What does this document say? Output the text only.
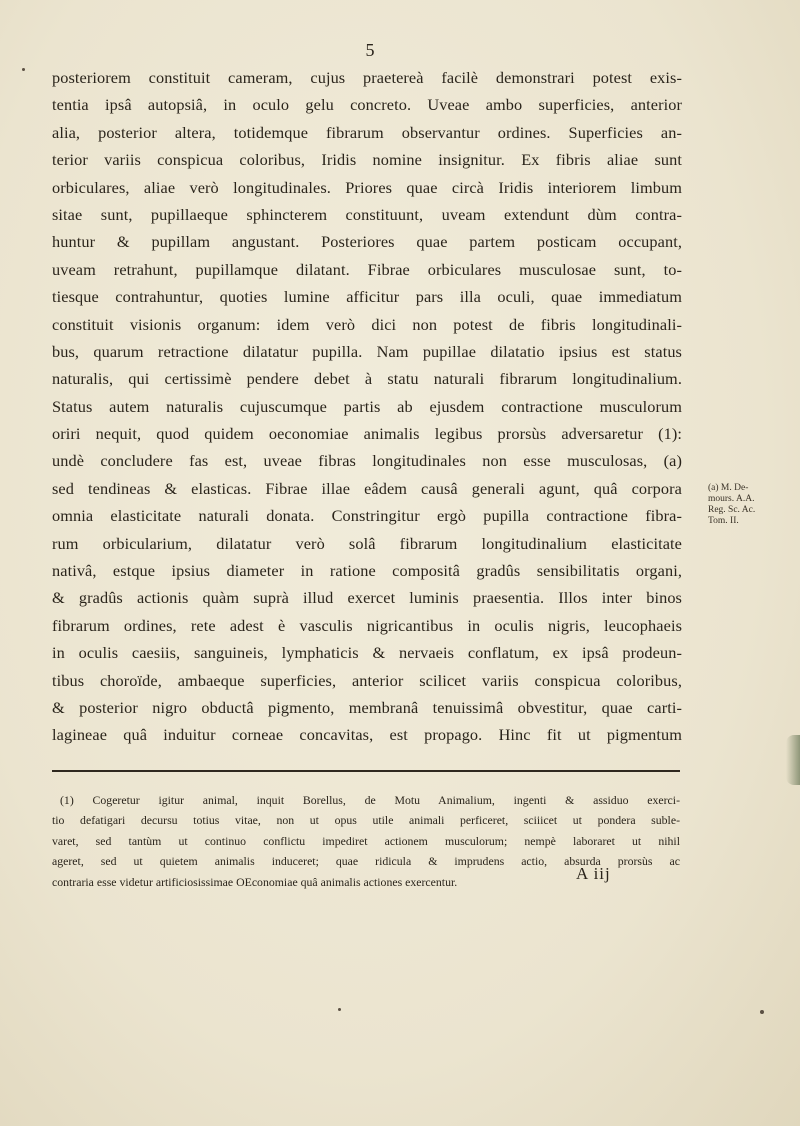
5
posteriorem constituit cameram, cujus praetereà facilè demonstrari potest exis-
tentia ipsâ autopsiâ, in oculo gelu concreto. Uveae ambo superficies, anterior
alia, posterior altera, totidemque fibrarum observantur ordines. Superficies an-
terior variis conspicua coloribus, Iridis nomine insignitur. Ex fibris aliae sunt
orbiculares, aliae verò longitudinales. Priores quae circà Iridis interiorem limbum
sitae sunt, pupillaeque sphincterem constituunt, uveam extendunt dùm contra-
huntur & pupillam angustant. Posteriores quae partem posticam occupant,
uveam retrahunt, pupillamque dilatant. Fibrae orbiculares musculosae sunt, to-
tiesque contrahuntur, quoties lumine afficitur pars illa oculi, quae immediatum
constituit visionis organum: idem verò dici non potest de fibris longitudinali-
bus, quarum retractione dilatatur pupilla. Nam pupillae dilatatio ipsius est status
naturalis, qui certissimè pendere debet à statu naturali fibrarum longitudinalium.
Status autem naturalis cujuscumque partis ab ejusdem contractione musculorum
oriri nequit, quod quidem oeconomiae animalis legibus prorsùs adversaretur (1):
undè concludere fas est, uveae fibras longitudinales non esse musculosas, (a)
sed tendineas & elasticas. Fibrae illae eâdem causâ generali agunt, quâ corpora
omnia elasticitate naturali donata. Constringitur ergò pupilla contractione fibra-
rum orbicularium, dilatatur verò solâ fibrarum longitudinalium elasticitate
nativâ, estque ipsius diameter in ratione compositâ gradûs sensibilitatis organi,
& gradûs actionis quàm suprà illud exercet luminis praesentia. Illos inter binos
fibrarum ordines, rete adest è vasculis nigricantibus in oculis nigris, leucophaeis
in oculis caesiis, sanguineis, lymphaticis & nervaeis conflatum, ex ipsâ prodeun-
tibus choroïde, ambaeque superficies, anterior scilicet variis conspicua coloribus,
& posterior nigro obductâ pigmento, membranâ tenuissimâ obvestitur, quae carti-
lagineae quâ induitur corneae concavitas, est propago. Hinc fit ut pigmentum
(a) M. De-
mours. A.A.
Reg. Sc. Ac.
Tom. II.
(1) Cogeretur igitur animal, inquit Borellus, de Motu Animalium, ingenti & assiduo exerci-
tio defatigari decursu totius vitae, non ut opus utile animali perficeret, sciiicet ut pondera suble-
varet, sed tantùm ut continuo conflictu impediret actionem musculorum; nempè laboraret ut nihil
ageret, sed ut quietem animalis induceret; quae ridicula & imprudens actio, absurda prorsùs ac
contraria esse videtur artificiosissimae OEconomiae quâ animalis actiones exercentur.	A iij
